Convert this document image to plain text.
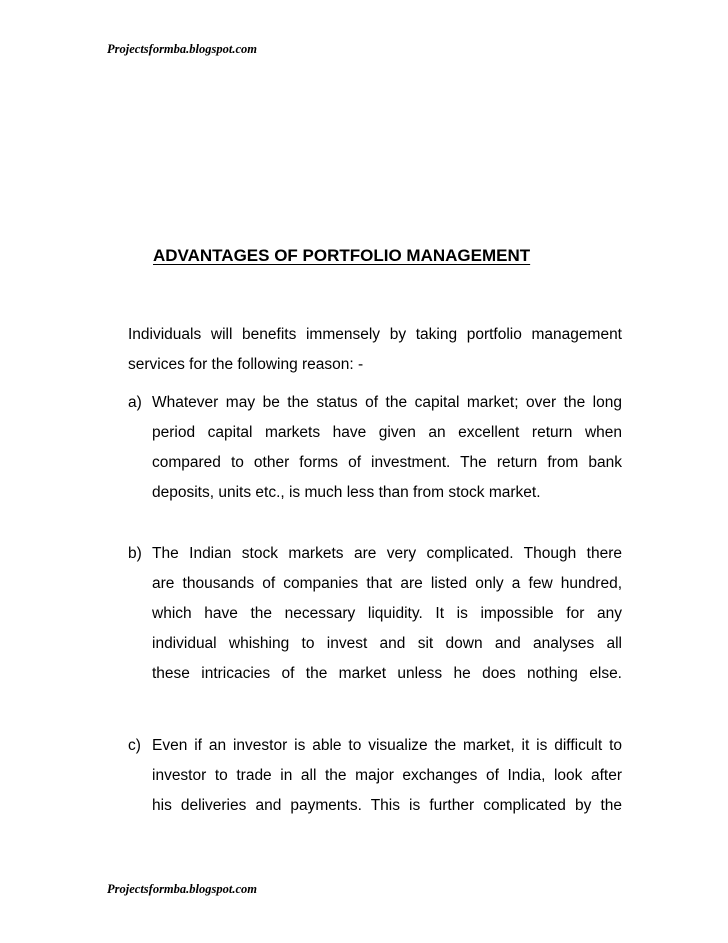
Projectsformba.blogspot.com
ADVANTAGES OF PORTFOLIO MANAGEMENT
Individuals will benefits immensely by taking portfolio management
services for the following reason: -
a) Whatever may be the status of the capital market; over the long
period capital markets have given an excellent return when
compared to other forms of investment. The return from bank
deposits, units etc., is much less than from stock market.
b) The Indian stock markets are very complicated. Though there
are thousands of companies that are listed only a few hundred,
which have the necessary liquidity. It is impossible for any
individual whishing to invest and sit down and analyses all
these intricacies of the market unless he does nothing else.
c) Even if an investor is able to visualize the market, it is difficult to
investor to trade in all the major exchanges of India, look after
his deliveries and payments. This is further complicated by the
Projectsformba.blogspot.com
